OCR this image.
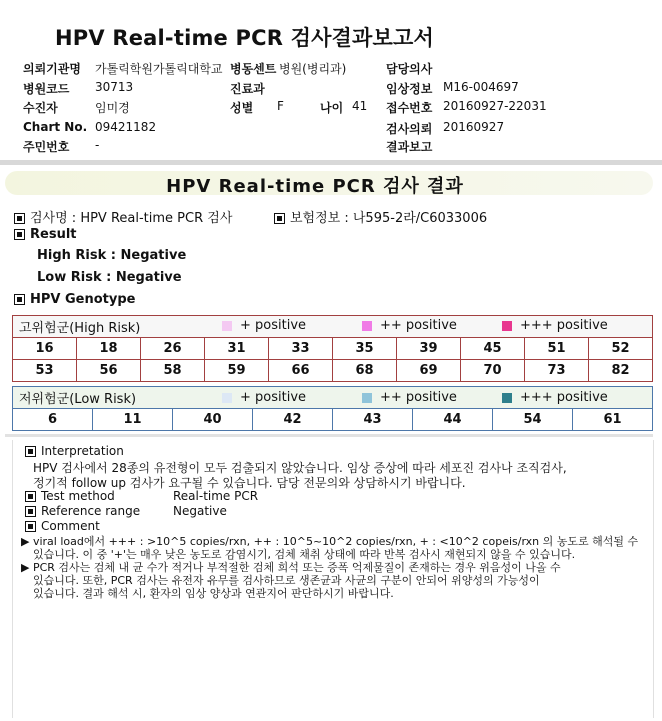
HPV Real-time PCR 검사결과보고서
의뢰기관명 가톨릭학원가톨릭대학교 병동센트 병원(병리과)	담당의사
병원코드 30713	진료과	임상정보 M16-004697
수진자	임미경	성별 F	나이 41 접수번호 20160927-22031
Chart No. 09421182	검사의뢰 20160927
주민번호 -	결과보고
HPV Real-time PCR 검사 결과
검사명 : HPV Real-time PCR 검사	보험정보 : 나595-2라/C6033006
Result
High Risk : Negative
Low Risk : Negative
HPV Genotype
고위험군(High Risk)									
16	18	26	31	33	35	39	45	51	52
53	56	58	59	66	68	69	70	73	82
+ positive	++ positive	+++ positive
저위험군(Low Risk)
6	11	40	42	43	44	54	61
+ positive	++ positive	+++ positive
Interpretation
HPV 검사에서 28종의 유전형이 모두 검출되지 않았습니다. 임상 증상에 따라 세포진 검사나 조직검사,
정기적 follow up 검사가 요구될 수 있습니다. 담당 전문의와 상담하시기 바랍니다.
Test method	Real-time PCR
Reference range	Negative
Comment
▶ viral load에서 +++ : >10^5 copies/rxn, ++ : 10^5~10^2 copies/rxn, + : <10^2 copeis/rxn 의 농도로 해석될 수
있습니다. 이 중 '+'는 매우 낮은 농도로 감염시기, 검체 채취 상태에 따라 반복 검사시 재현되지 않을 수 있습니다.
▶ PCR 검사는 검체 내 균 수가 적거나 부적절한 검체 희석 또는 증폭 억제물질이 존재하는 경우 위음성이 나올 수
있습니다. 또한, PCR 검사는 유전자 유무를 검사하므로 생존균과 사균의 구분이 안되어 위양성의 가능성이
있습니다. 결과 해석 시, 환자의 임상 양상과 연관지어 판단하시기 바랍니다.
